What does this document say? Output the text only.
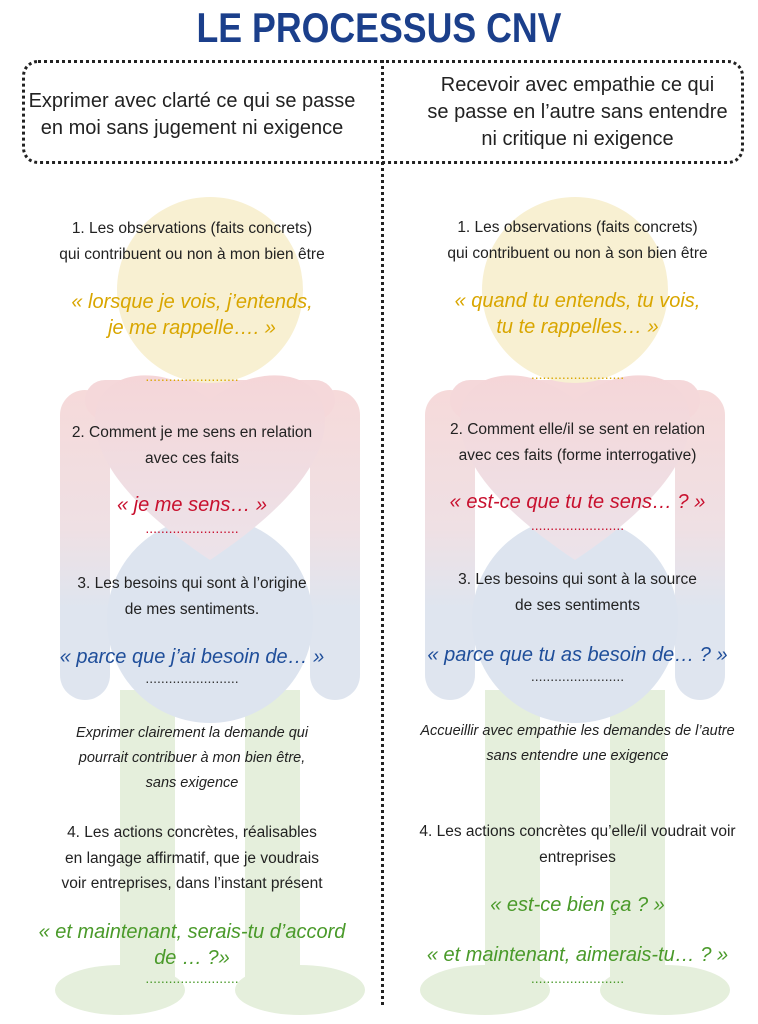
LE PROCESSUS CNV
Exprimer avec clarté ce qui se passe
en moi sans jugement ni exigence
Recevoir avec empathie ce qui
se passe en l’autre sans entendre
ni critique ni exigence
1. Les observations (faits concrets)
qui contribuent ou non à mon bien être
« lorsque je vois, j’entends,
je me rappelle…. »
........................
2. Comment je me sens en relation
avec ces faits
« je me sens… »
........................
3. Les besoins qui sont à l’origine
de mes sentiments.
« parce que j’ai besoin de… »
........................
Exprimer clairement la demande qui
pourrait contribuer à mon bien être,
sans exigence
4. Les actions concrètes, réalisables
en langage affirmatif, que je voudrais
voir entreprises, dans l’instant présent
« et maintenant, serais-tu d’accord
de … ?»
........................
1. Les observations (faits concrets)
qui contribuent ou non à son bien être
« quand tu entends, tu vois,
tu te rappelles… »
........................
2. Comment elle/il se sent en relation
avec ces faits (forme interrogative)
« est-ce que tu te sens… ? »
........................
3. Les besoins qui sont à la source
de ses sentiments
« parce que tu as besoin de… ? »
........................
Accueillir avec empathie les demandes de l’autre
sans entendre une exigence
4. Les actions concrètes qu’elle/il voudrait voir
entreprises
« est-ce bien ça ? »
« et maintenant, aimerais-tu… ? »
........................
